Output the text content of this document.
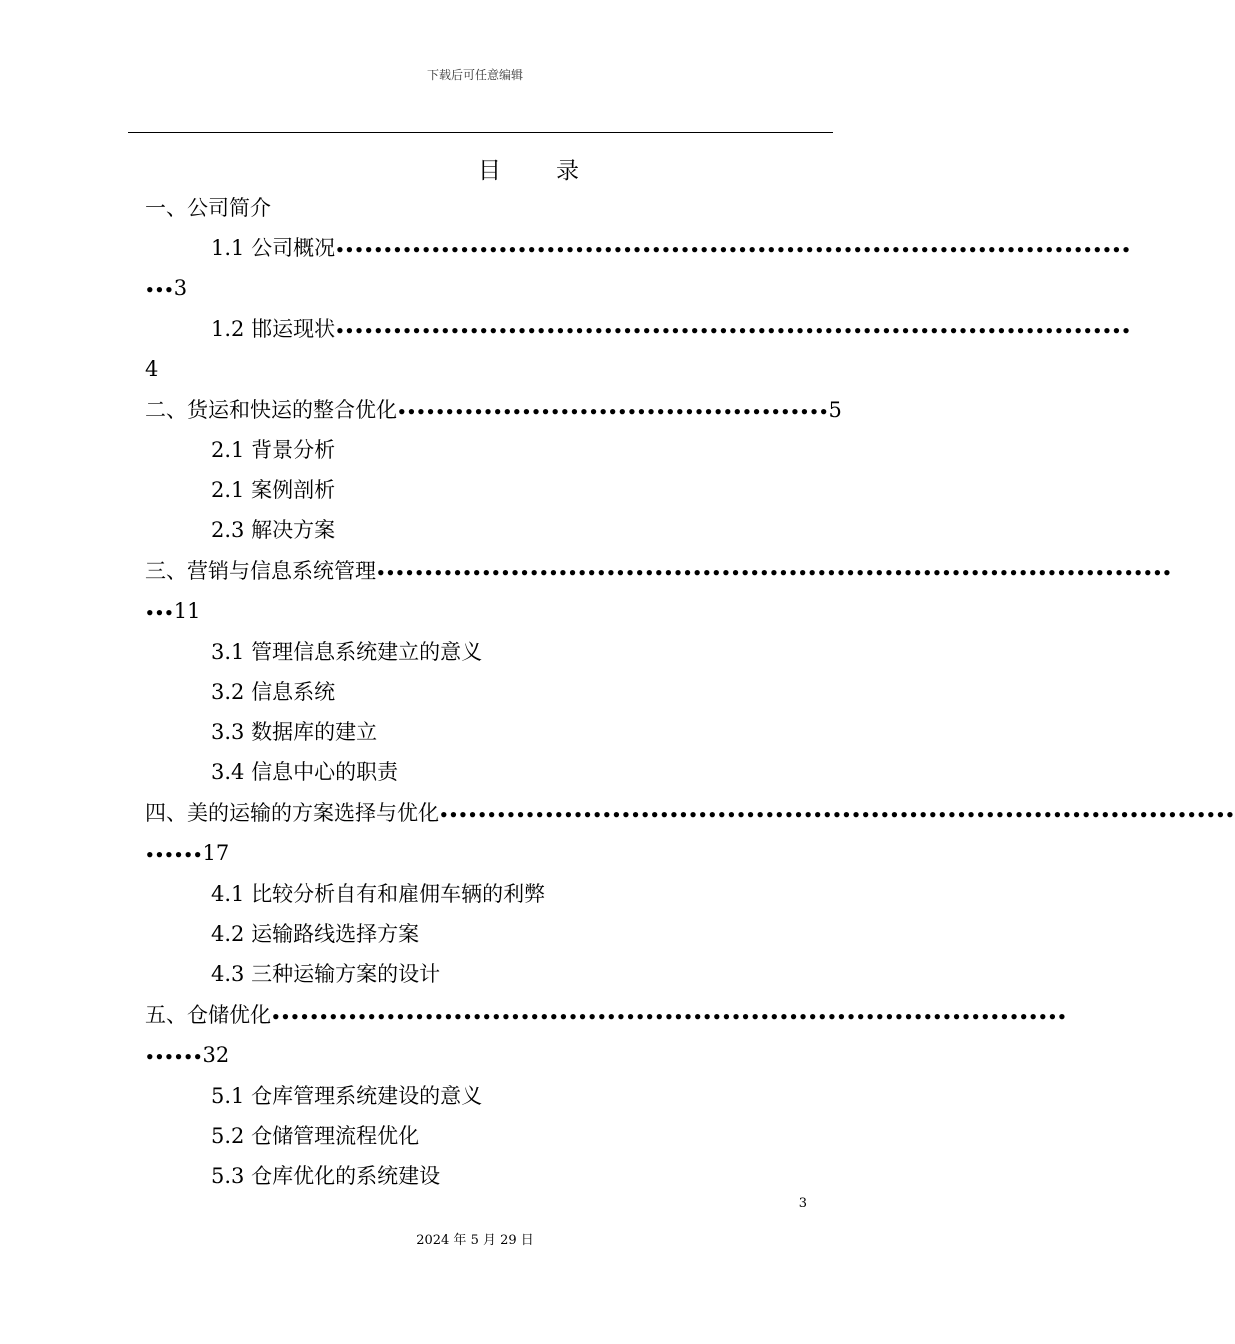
下载后可任意编辑
目录
一、公司简介
1.1 公司概况•••••••••••••••••••••••••••••••••••••••••••••••••••••••••••••••••••••••••••••••••••
•••3
1.2 邯运现状•••••••••••••••••••••••••••••••••••••••••••••••••••••••••••••••••••••••••••••••••••
4
二、货运和快运的整合优化•••••••••••••••••••••••••••••••••••••••••••••5
2.1 背景分析
2.1 案例剖析
2.3 解决方案
三、营销与信息系统管理•••••••••••••••••••••••••••••••••••••••••••••••••••••••••••••••••••••••••••••••••••
•••11
3.1 管理信息系统建立的意义
3.2 信息系统
3.3 数据库的建立
3.4 信息中心的职责
四、美的运输的方案选择与优化•••••••••••••••••••••••••••••••••••••••••••••••••••••••••••••••••••••••••••••••••••
••••••17
4.1 比较分析自有和雇佣车辆的利弊
4.2 运输路线选择方案
4.3 三种运输方案的设计
五、仓储优化•••••••••••••••••••••••••••••••••••••••••••••••••••••••••••••••••••••••••••••••••••
••••••32
5.1 仓库管理系统建设的意义
5.2 仓储管理流程优化
5.3 仓库优化的系统建设
3
2024 年 5 月 29 日
